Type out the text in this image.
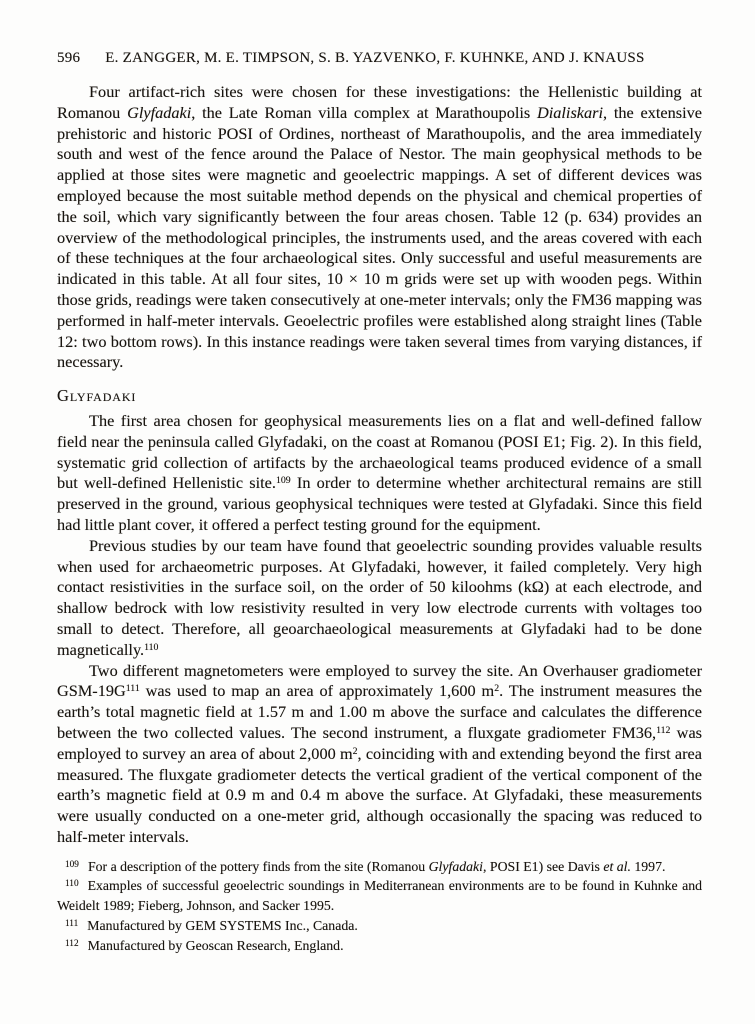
596 E. ZANGGER, M. E. TIMPSON, S. B. YAZVENKO, F. KUHNKE, AND J. KNAUSS

Four artifact-rich sites were chosen for these investigations: the Hellenistic building at Romanou Glyfadaki, the Late Roman villa complex at Marathoupolis Dialiskari, the extensive prehistoric and historic POSI of Ordines, northeast of Marathoupolis, and the area immediately south and west of the fence around the Palace of Nestor. The main geophysical methods to be applied at those sites were magnetic and geoelectric mappings. A set of different devices was employed because the most suitable method depends on the physical and chemical properties of the soil, which vary significantly between the four areas chosen. Table 12 (p. 634) provides an overview of the methodological principles, the instruments used, and the areas covered with each of these techniques at the four archaeological sites. Only successful and useful measurements are indicated in this table. At all four sites, 10 × 10 m grids were set up with wooden pegs. Within those grids, readings were taken consecutively at one-meter intervals; only the FM36 mapping was performed in half-meter intervals. Geoelectric profiles were established along straight lines (Table 12: two bottom rows). In this instance readings were taken several times from varying distances, if necessary.

Glyfadaki

The first area chosen for geophysical measurements lies on a flat and well-defined fallow field near the peninsula called Glyfadaki, on the coast at Romanou (POSI E1; Fig. 2). In this field, systematic grid collection of artifacts by the archaeological teams produced evidence of a small but well-defined Hellenistic site.$^{109}$ In order to determine whether architectural remains are still preserved in the ground, various geophysical techniques were tested at Glyfadaki. Since this field had little plant cover, it offered a perfect testing ground for the equipment.

Previous studies by our team have found that geoelectric sounding provides valuable results when used for archaeometric purposes. At Glyfadaki, however, it failed completely. Very high contact resistivities in the surface soil, on the order of 50 kiloohms (kΩ) at each electrode, and shallow bedrock with low resistivity resulted in very low electrode currents with voltages too small to detect. Therefore, all geoarchaeological measurements at Glyfadaki had to be done magnetically.$^{110}$

Two different magnetometers were employed to survey the site. An Overhauser gradiometer GSM-$19G^{111}$ was used to map an area of approximately 1,600 $m^2$. The instrument measures the earth’s total magnetic field at 1.57 m and 1.00 m above the surface and calculates the difference between the two collected values. The second instrument, a fluxgate gradiometer FM36,$^{112}$ was employed to survey an area of about 2,000 $m^2$, coinciding with and extending beyond the first area measured. The fluxgate gradiometer detects the vertical gradient of the vertical component of the earth’s magnetic field at 0.9 m and 0.4 m above the surface. At Glyfadaki, these measurements were usually conducted on a one-meter grid, although occasionally the spacing was reduced to half-meter intervals.

$^{109}$ For a description of the pottery finds from the site (Romanou Glyfadaki, POSI E1) see Davis et al. 1997.

$^{110}$ Examples of successful geoelectric soundings in Mediterranean environments are to be found in Kuhnke and Weidelt 1989; Fieberg, Johnson, and Sacker 1995.

$^{111}$ Manufactured by GEM SYSTEMS Inc., Canada.

$^{112}$ Manufactured by Geoscan Research, England.
